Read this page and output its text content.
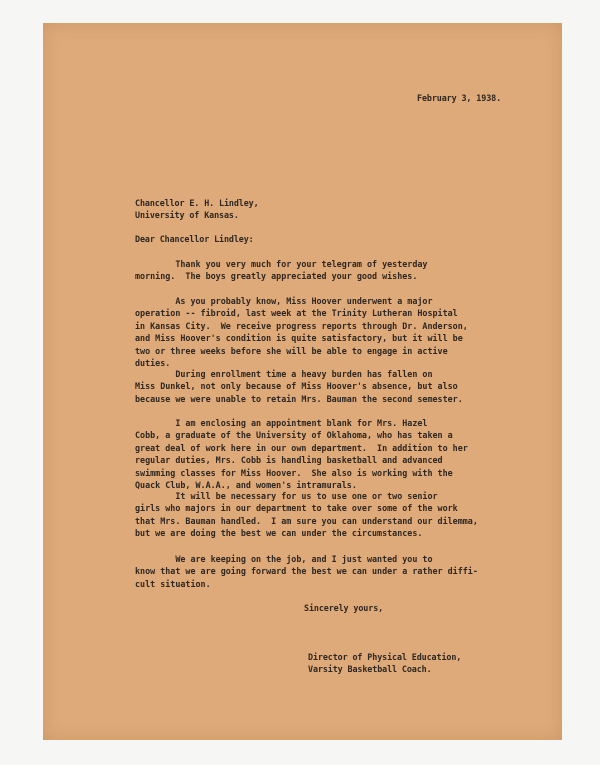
February 3, 1938.

Chancellor E. H. Lindley,

University of Kansas.

Dear Chancellor Lindley:

Thank you very much for your telegram of yesterday
morning.  The boys greatly appreciated your good wishes.

As you probably know, Miss Hoover underwent a major
operation -- fibroid, last week at the Trinity Lutheran Hospital
in Kansas City.  We receive progress reports through Dr. Anderson,
and Miss Hoover's condition is quite satisfactory, but it will be
two or three weeks before she will be able to engage in active
duties.

During enrollment time a heavy burden has fallen on
Miss Dunkel, not only because of Miss Hoover's absence, but also
because we were unable to retain Mrs. Bauman the second semester.

I am enclosing an appointment blank for Mrs. Hazel
Cobb, a graduate of the University of Oklahoma, who has taken a
great deal of work here in our own department.  In addition to her
regular duties, Mrs. Cobb is handling basketball and advanced
swimming classes for Miss Hoover.  She also is working with the
Quack Club, W.A.A., and women's intramurals.

It will be necessary for us to use one or two senior
girls who majors in our department to take over some of the work
that Mrs. Bauman handled.  I am sure you can understand our dilemma,
but we are doing the best we can under the circumstances.

We are keeping on the job, and I just wanted you to
know that we are going forward the best we can under a rather diffi-
cult situation.

Sincerely yours,

Director of Physical Education,

Varsity Basketball Coach.
